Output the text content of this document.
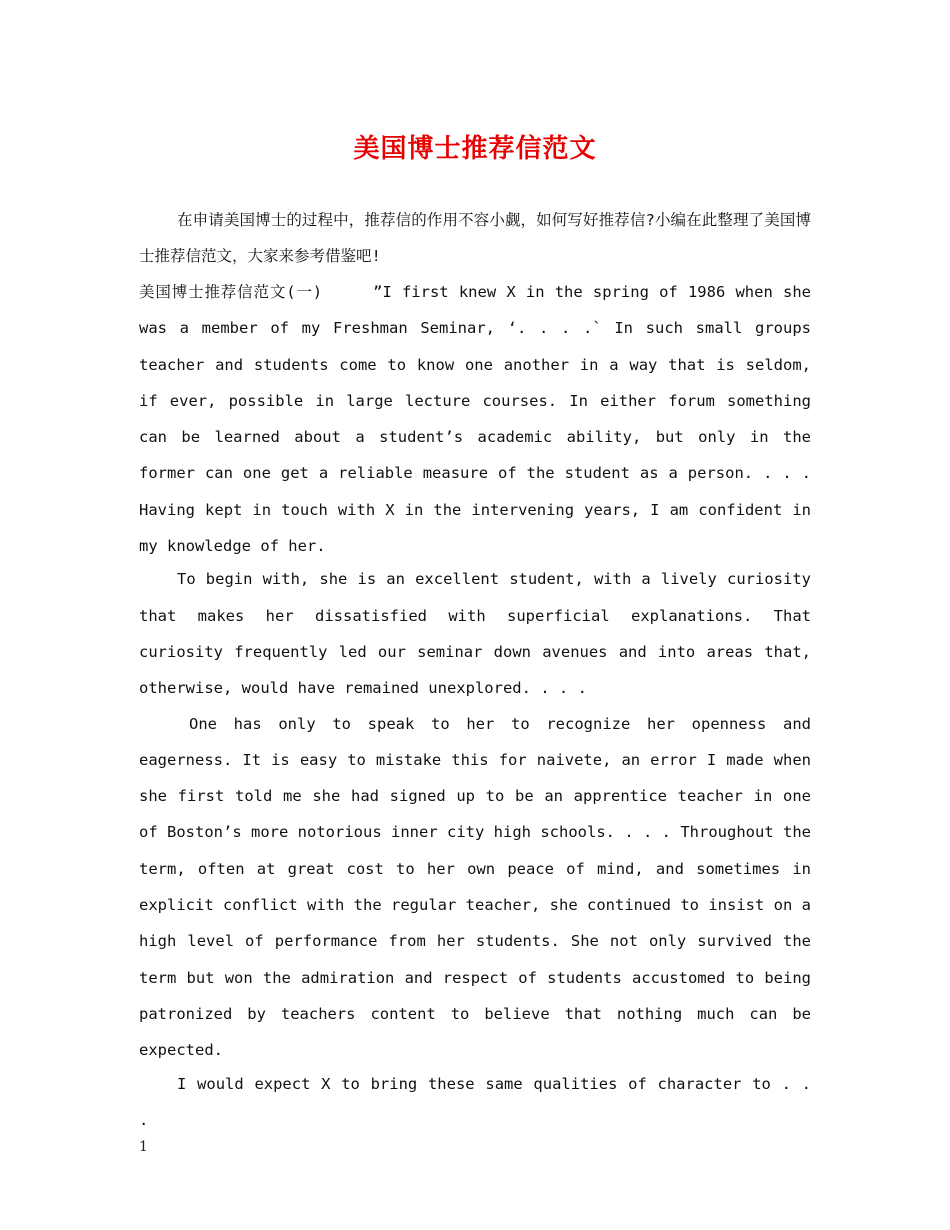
美国博士推荐信范文

在申请美国博士的过程中，推荐信的作用不容小觑，如何写好推荐信?小编在此整理了美国博士推荐信范文，大家来参考借鉴吧!

美国博士推荐信范文(一)	”I first knew X in the spring of 1986 when she was a member of my Freshman Seminar, ‘. . . .` In such small groups teacher and students come to know one another in a way that is seldom, if ever, possible in large lecture courses. In either forum something can be learned about a student’s academic ability, but only in the former can one get a reliable measure of the student as a person. . . . Having kept in touch with X in the intervening years, I am confident in my knowledge of her.

To begin with, she is an excellent student, with a lively curiosity that makes her dissatisfied with superficial explanations. That curiosity frequently led our seminar down avenues and into areas that, otherwise, would have remained unexplored. . . .

One has only to speak to her to recognize her openness and eagerness. It is easy to mistake this for naivete, an error I made when she first told me she had signed up to be an apprentice teacher in one of Boston’s more notorious inner city high schools. . . . Throughout the term, often at great cost to her own peace of mind, and sometimes in explicit conflict with the regular teacher, she continued to insist on a high level of performance from her students. She not only survived the term but won the admiration and respect of students accustomed to being patronized by teachers content to believe that nothing much can be expected.

I would expect X to bring these same qualities of character to . . .

1
